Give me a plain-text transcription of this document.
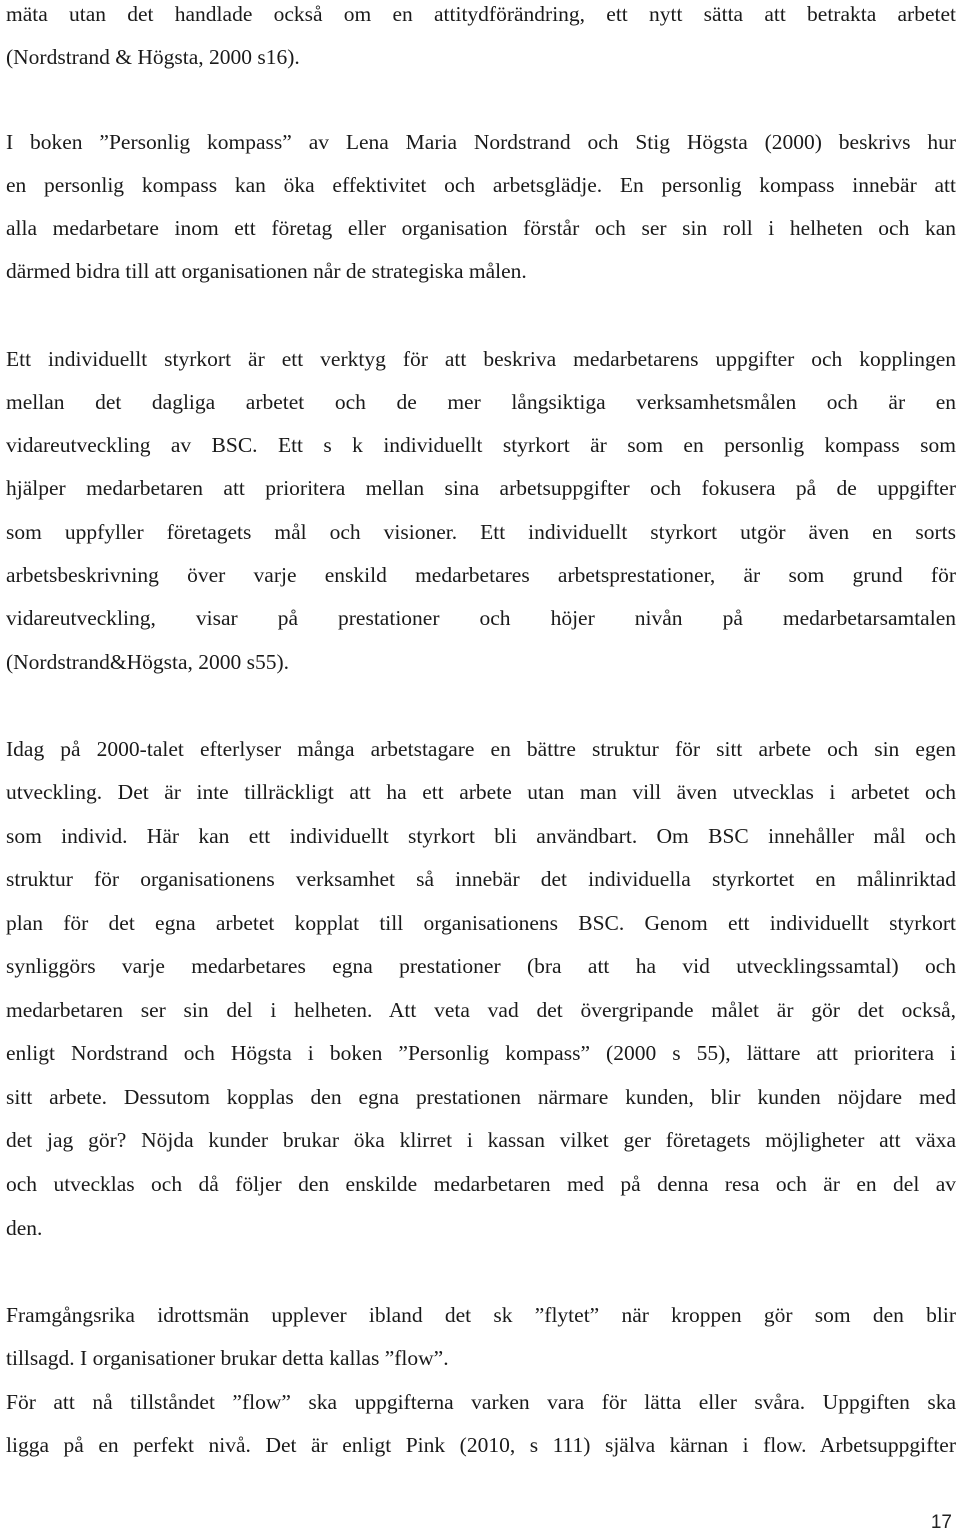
mäta utan det handlade också om en attitydförändring, ett nytt sätta att betrakta arbetet
(Nordstrand & Högsta, 2000 s16).
I boken ”Personlig kompass” av Lena Maria Nordstrand och Stig Högsta (2000) beskrivs hur
en personlig kompass kan öka effektivitet och arbetsglädje. En personlig kompass innebär att
alla medarbetare inom ett företag eller organisation förstår och ser sin roll i helheten och kan
därmed bidra till att organisationen når de strategiska målen.
Ett individuellt styrkort är ett verktyg för att beskriva medarbetarens uppgifter och kopplingen
mellan det dagliga arbetet och de mer långsiktiga verksamhetsmålen och är en
vidareutveckling av BSC. Ett s k individuellt styrkort är som en personlig kompass som
hjälper medarbetaren att prioritera mellan sina arbetsuppgifter och fokusera på de uppgifter
som uppfyller företagets mål och visioner. Ett individuellt styrkort utgör även en sorts
arbetsbeskrivning över varje enskild medarbetares arbetsprestationer, är som grund för
vidareutveckling, visar på prestationer och höjer nivån på medarbetarsamtalen
(Nordstrand&Högsta, 2000 s55).
Idag på 2000-talet efterlyser många arbetstagare en bättre struktur för sitt arbete och sin egen
utveckling. Det är inte tillräckligt att ha ett arbete utan man vill även utvecklas i arbetet och
som individ. Här kan ett individuellt styrkort bli användbart. Om BSC innehåller mål och
struktur för organisationens verksamhet så innebär det individuella styrkortet en målinriktad
plan för det egna arbetet kopplat till organisationens BSC. Genom ett individuellt styrkort
synliggörs varje medarbetares egna prestationer (bra att ha vid utvecklingssamtal) och
medarbetaren ser sin del i helheten. Att veta vad det övergripande målet är gör det också,
enligt Nordstrand och Högsta i boken ”Personlig kompass” (2000 s 55), lättare att prioritera i
sitt arbete. Dessutom kopplas den egna prestationen närmare kunden, blir kunden nöjdare med
det jag gör? Nöjda kunder brukar öka klirret i kassan vilket ger företagets möjligheter att växa
och utvecklas och då följer den enskilde medarbetaren med på denna resa och är en del av
den.
Framgångsrika idrottsmän upplever ibland det sk ”flytet” när kroppen gör som den blir
tillsagd. I organisationer brukar detta kallas ”flow”.
För att nå tillståndet ”flow” ska uppgifterna varken vara för lätta eller svåra. Uppgiften ska
ligga på en perfekt nivå. Det är enligt Pink (2010, s 111) själva kärnan i flow. Arbetsuppgifter
17
